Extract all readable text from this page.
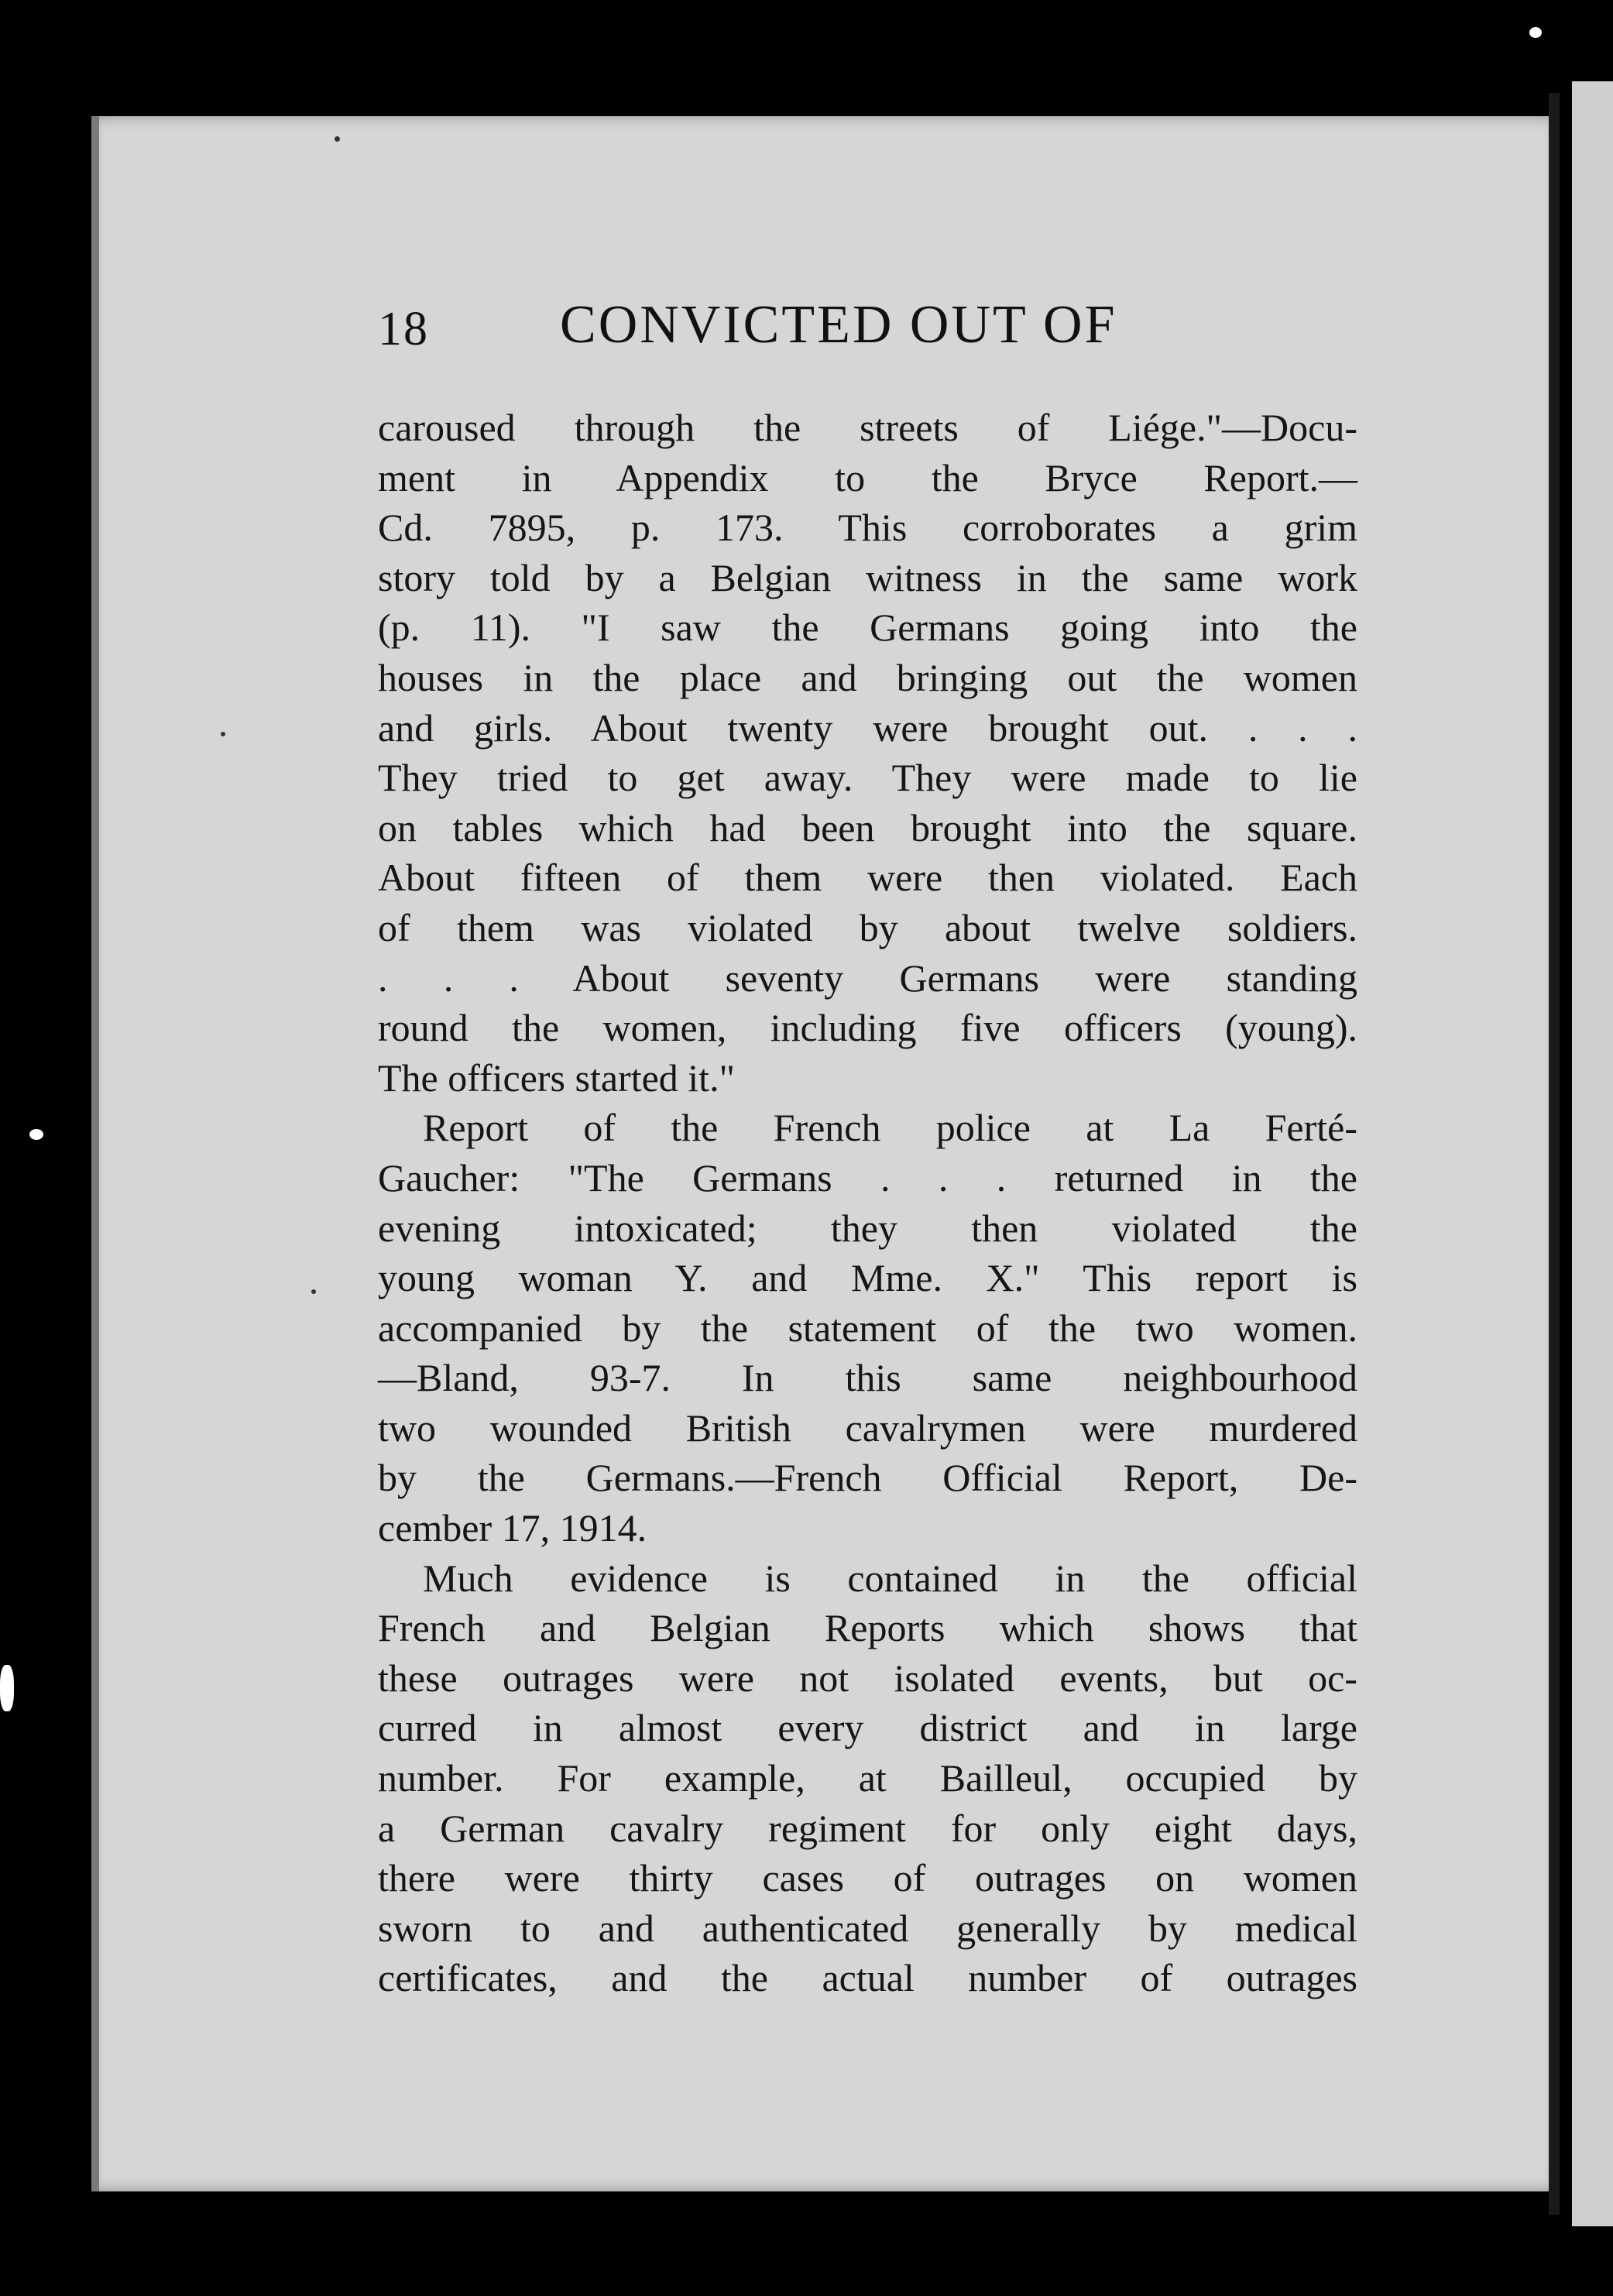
18 CONVICTED OUT OF
caroused through the streets of Liége."—Docu-
ment in Appendix to the Bryce Report.—
Cd. 7895, p. 173. This corroborates a grim
story told by a Belgian witness in the same work
(p. 11). "I saw the Germans going into the
houses in the place and bringing out the women
and girls. About twenty were brought out. . . .
They tried to get away. They were made to lie
on tables which had been brought into the square.
About fifteen of them were then violated. Each
of them was violated by about twelve soldiers.
. . . About seventy Germans were standing
round the women, including five officers (young).
The officers started it."
Report of the French police at La Ferté-
Gaucher: "The Germans . . . returned in the
evening intoxicated; they then violated the
young woman Y. and Mme. X." This report is
accompanied by the statement of the two women.
—Bland, 93-7. In this same neighbourhood
two wounded British cavalrymen were murdered
by the Germans.—French Official Report, De-
cember 17, 1914.
Much evidence is contained in the official
French and Belgian Reports which shows that
these outrages were not isolated events, but oc-
curred in almost every district and in large
number. For example, at Bailleul, occupied by
a German cavalry regiment for only eight days,
there were thirty cases of outrages on women
sworn to and authenticated generally by medical
certificates, and the actual number of outrages
